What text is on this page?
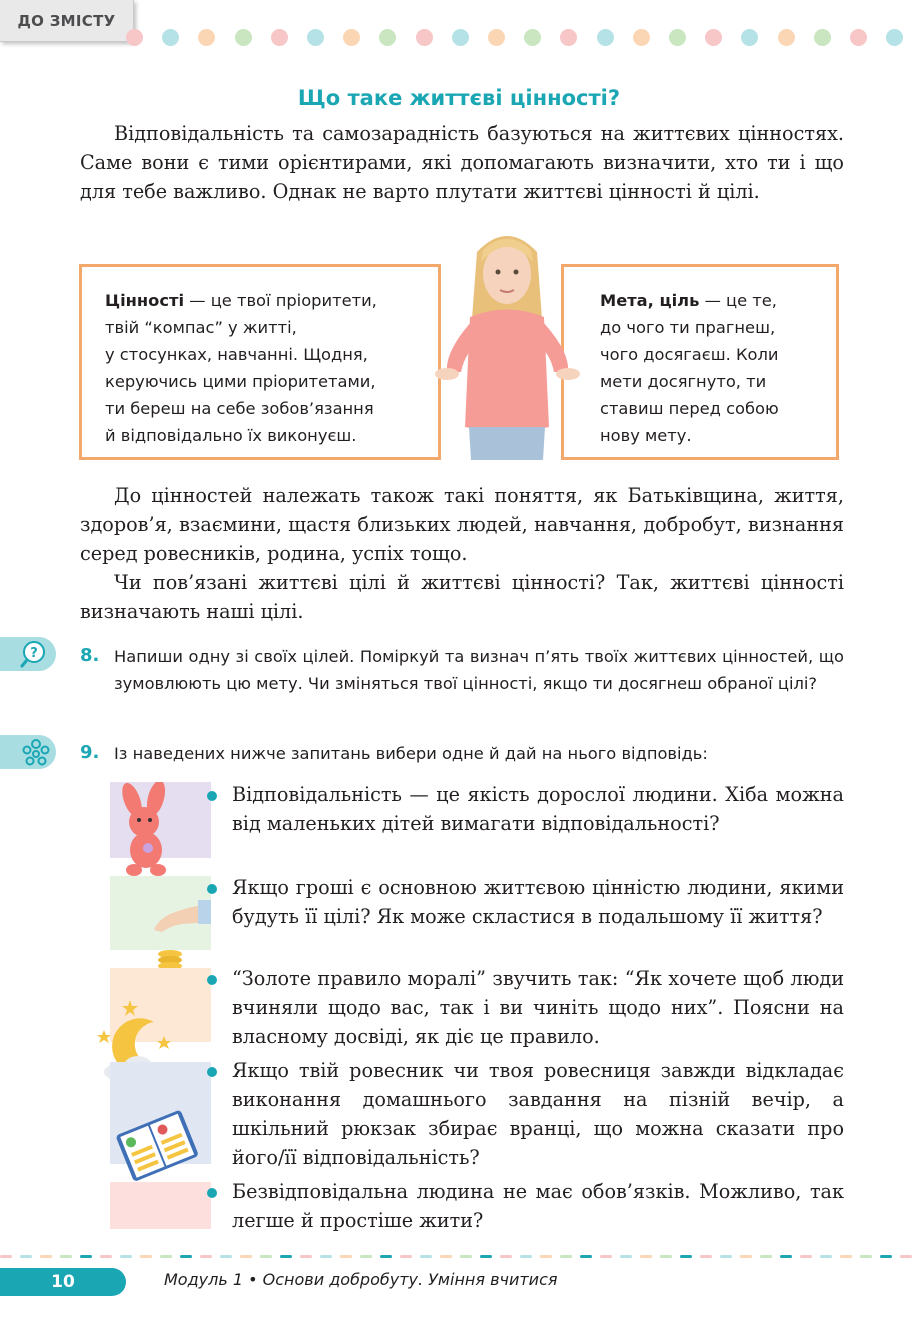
ДО ЗМІСТУ
Що таке життєві цінності?

Відповідальність та самозарадність базуються на життєвих цінностях. Саме вони є тими орієнтирами, які допомагають визначити, хто ти і що для тебе важливо. Однак не варто плутати життєві цінності й цілі.

Цінності — це твої пріоритети,
твій “компас” у житті,
у стосунках, навчанні. Щодня,
керуючись цими пріоритетами,
ти береш на себе зобов’язання
й відповідально їх виконуєш.
Мета, ціль — це те,
до чого ти прагнеш,
чого досягаєш. Коли
мети досягнуто, ти
ставиш перед собою
нову мету.

До цінностей належать також такі поняття, як Батьківщина, життя, здоров’я, взаємини, щастя близьких людей, навчання, добробут, визнання серед ровесників, родина, успіх тощо.

Чи пов’язані життєві цілі й життєві цінності? Так, життєві цінності визначають наші цілі.

? 8. Напиши одну зі своїх цілей. Поміркуй та визнач п’ять твоїх життєвих цінностей, що зумовлюють цю мету. Чи зміняться твої цінності, якщо ти досягнеш обраної цілі?
9. Із наведених нижче запитань вибери одне й дай на нього відповідь:
Відповідальність — це якість дорослої людини. Хіба можна від маленьких дітей вимагати відповідальності?
Якщо гроші є основною життєвою цінністю людини, якими будуть її цілі? Як може скластися в подальшому її життя?
“Золоте правило моралі” звучить так: “Як хочете щоб люди вчиняли щодо вас, так і ви чиніть щодо них”. Поясни на власному досвіді, як діє це правило.
Якщо твій ровесник чи твоя ровесниця завжди відкладає виконання домашнього завдання на пізній вечір, а шкільний рюкзак збирає вранці, що можна сказати про його/її відповідальність?
Безвідповідальна людина не має обов’язків. Можливо, так легше й простіше жити?
10	Модуль 1 • Основи добробуту. Уміння вчитися
